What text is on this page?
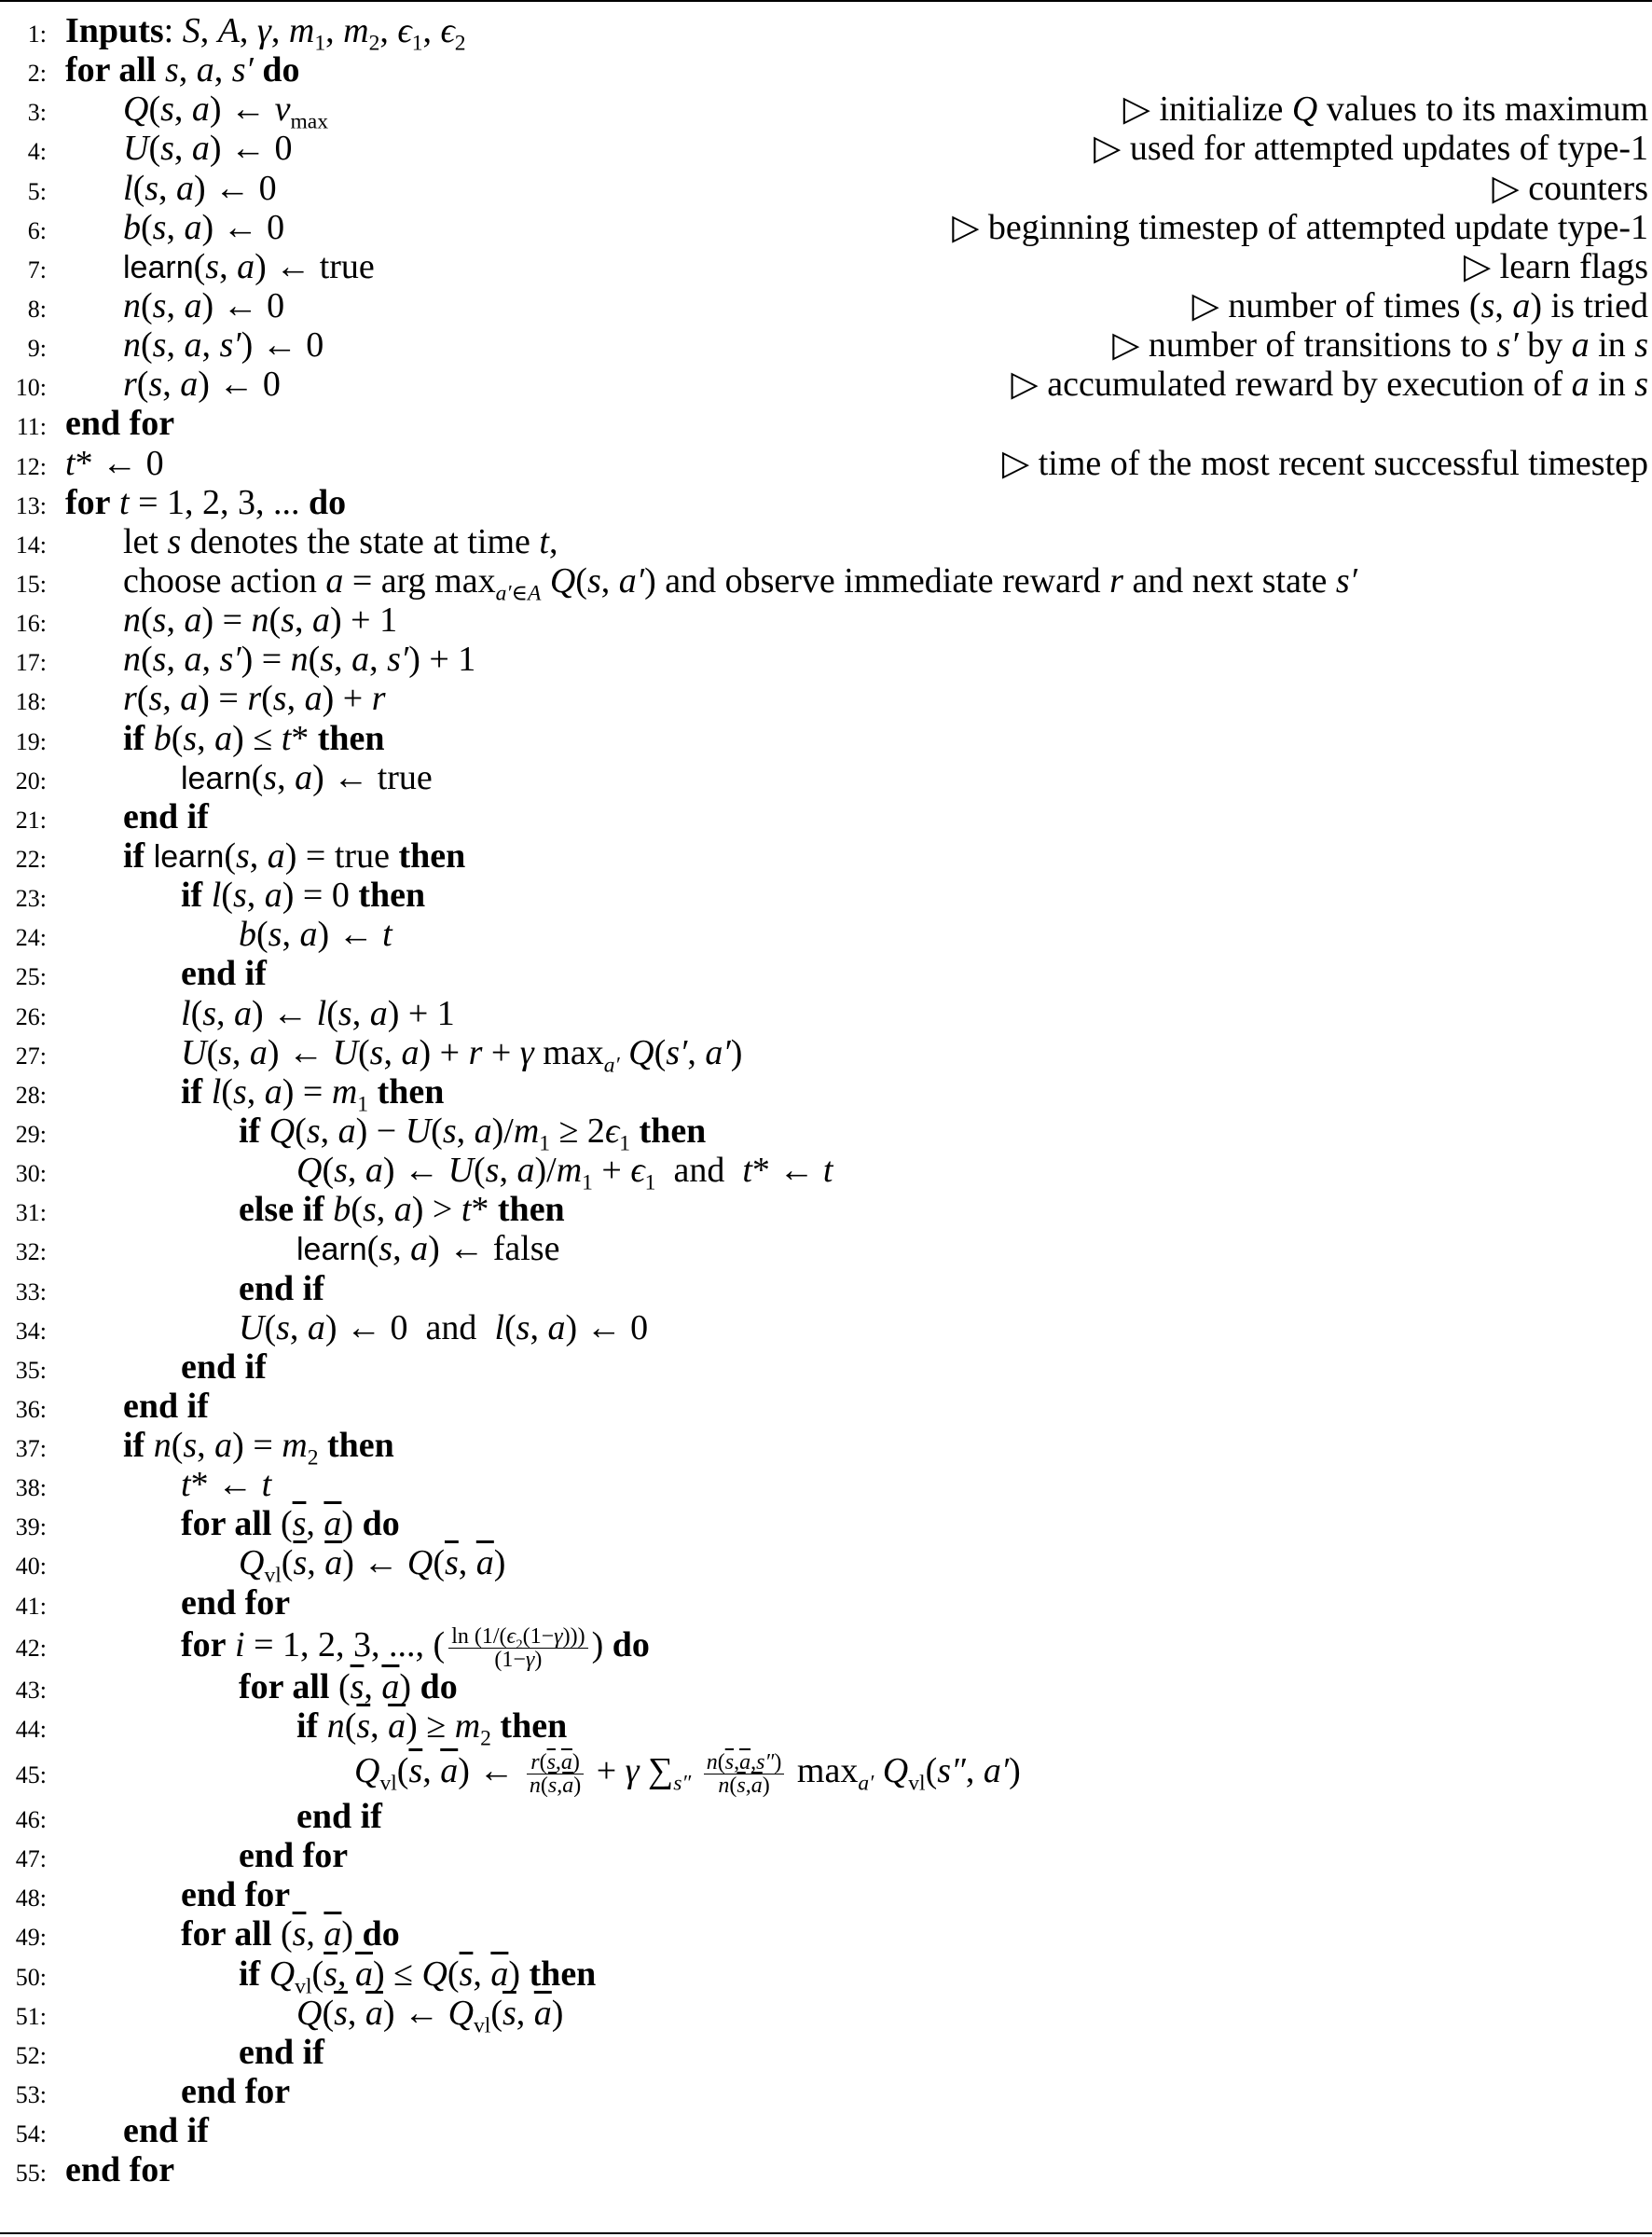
1: Inputs: S, A, γ, $m_1$, $m_2$, $\epsilon_1$, $\epsilon_2$
2: for all s, a, s′ do
3: Q(s, a) ← $v_{max}$	▷ initialize Q values to its maximum
4: U(s, a) ← 0	▷ used for attempted updates of type-1
5: l(s, a) ← 0	▷ counters
6: b(s, a) ← 0	▷ beginning timestep of attempted update type-1
7: learn(s, a) ← true	▷ learn flags
8: n(s, a) ← 0	▷ number of times (s, a) is tried
9: n(s, a, s′) ← 0	▷ number of transitions to s′ by a in s
10: r(s, a) ← 0	▷ accumulated reward by execution of a in s
11: end for
12: t* ← 0	▷ time of the most recent successful timestep
13: for t = 1, 2, 3, ... do
14: let s denotes the state at time t,
15: choose action a = arg $\max_{a'\in A} Q(s$, a′) and observe immediate reward r and next state s′
16: n(s, a) = n(s, a) + 1
17: n(s, a, s′) = n(s, a, s′) + 1
18: r(s, a) = r(s, a) + r
19: if b(s, a) ≤ t* then
20:	learn(s, a) ← true
21: end if
22: if learn(s, a) = true then
23:	if l(s, a) = 0 then
24:	b(s, a) ← t
25:	end if
26:	l(s, a) ← l(s, a) + 1
27:	U(s, a) ← U(s, a) + r + γ $\max_{a'} Q(s'$, a′)
28:	if l(s, $a) = m_1$ then
29:	if Q(s, a) − U(s, $a)/m_1 \ge 2\epsilon_1$ then
30:	Q(s, a) ← U(s, $a)/m_1 + \epsilon_1$  and  t* ← t
31:	else if b(s, a) > t* then
32:	learn(s, a) ← false
33:	end if
34:	U(s, a) ← 0  and  l(s, a) ← 0
35:	end if
36: end if
37: if n(s, $a) = m_2$ then
38:	t* ← t
39:	for all ($\overline{s}$, $\overline{a}$) do
40:	$Q_{vl}(\overline{s}$, $\overline{a}$) ← $Q(\overline{s}$, $\overline{a}$)
41:	end for
42:	for i = 1, 2, 3, ..., ( $\frac{\ln (1/(\epsilon_2(1-\gamma)))}{(1-\gamma)}$ ) do
43:	for all ($\overline{s}$, $\overline{a}$) do
44:	if $n(\overline{s}$, $\overline{a}) \ge m_2$ then
45:	$Q_{vl}(\overline{s}$, $\overline{a}$) ← $\frac{r(\overline{s},\overline{a})}{n(\overline{s},\overline{a})} + \gamma$ $\sum_{s''} \frac{n(\overline{s},\overline{a},s'')}{n(\overline{s},\overline{a})} \max_{a'} Q_{vl}(s''$, a′)
46:	end if
47:	end for
48:	end for
49:	for all ($\overline{s}$, $\overline{a}$) do
50:	if $Q_{vl}(\overline{s}$, $\overline{a}) \le Q(\overline{s}$, $\overline{a}$) then
51:	$Q(\overline{s}$, $\overline{a}$) ← $Q_{vl}(\overline{s}$, $\overline{a}$)
52:	end if
53:	end for
54: end if
55: end for
